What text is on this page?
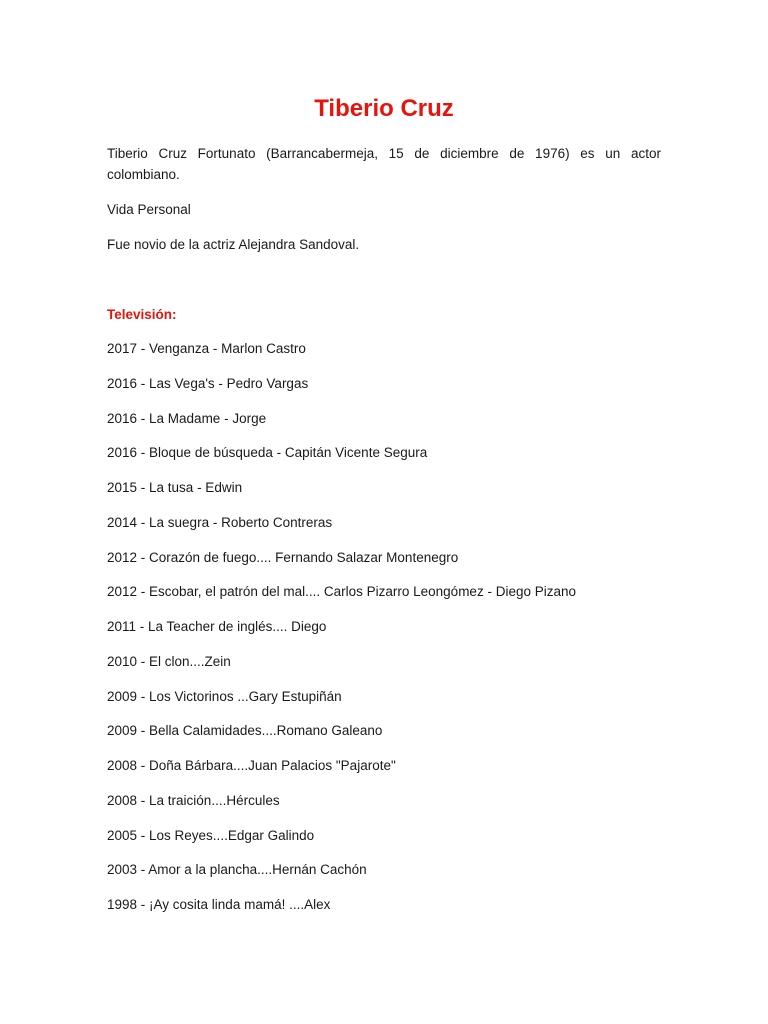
Tiberio Cruz

Tiberio Cruz Fortunato (Barrancabermeja, 15 de diciembre de 1976) es un actor colombiano.

Vida Personal

Fue novio de la actriz Alejandra Sandoval.

Televisión:

2017 - Venganza - Marlon Castro
2016 - Las Vega's - Pedro Vargas
2016 - La Madame - Jorge
2016 - Bloque de búsqueda - Capitán Vicente Segura
2015 - La tusa - Edwin
2014 - La suegra - Roberto Contreras
2012 - Corazón de fuego.... Fernando Salazar Montenegro
2012 - Escobar, el patrón del mal.... Carlos Pizarro Leongómez - Diego Pizano
2011 - La Teacher de inglés.... Diego
2010 - El clon....Zein
2009 - Los Victorinos ...Gary Estupiñán
2009 - Bella Calamidades....Romano Galeano
2008 - Doña Bárbara....Juan Palacios "Pajarote"
2008 - La traición....Hércules
2005 - Los Reyes....Edgar Galindo
2003 - Amor a la plancha....Hernán Cachón
1998 - ¡Ay cosita linda mamá! ....Alex
